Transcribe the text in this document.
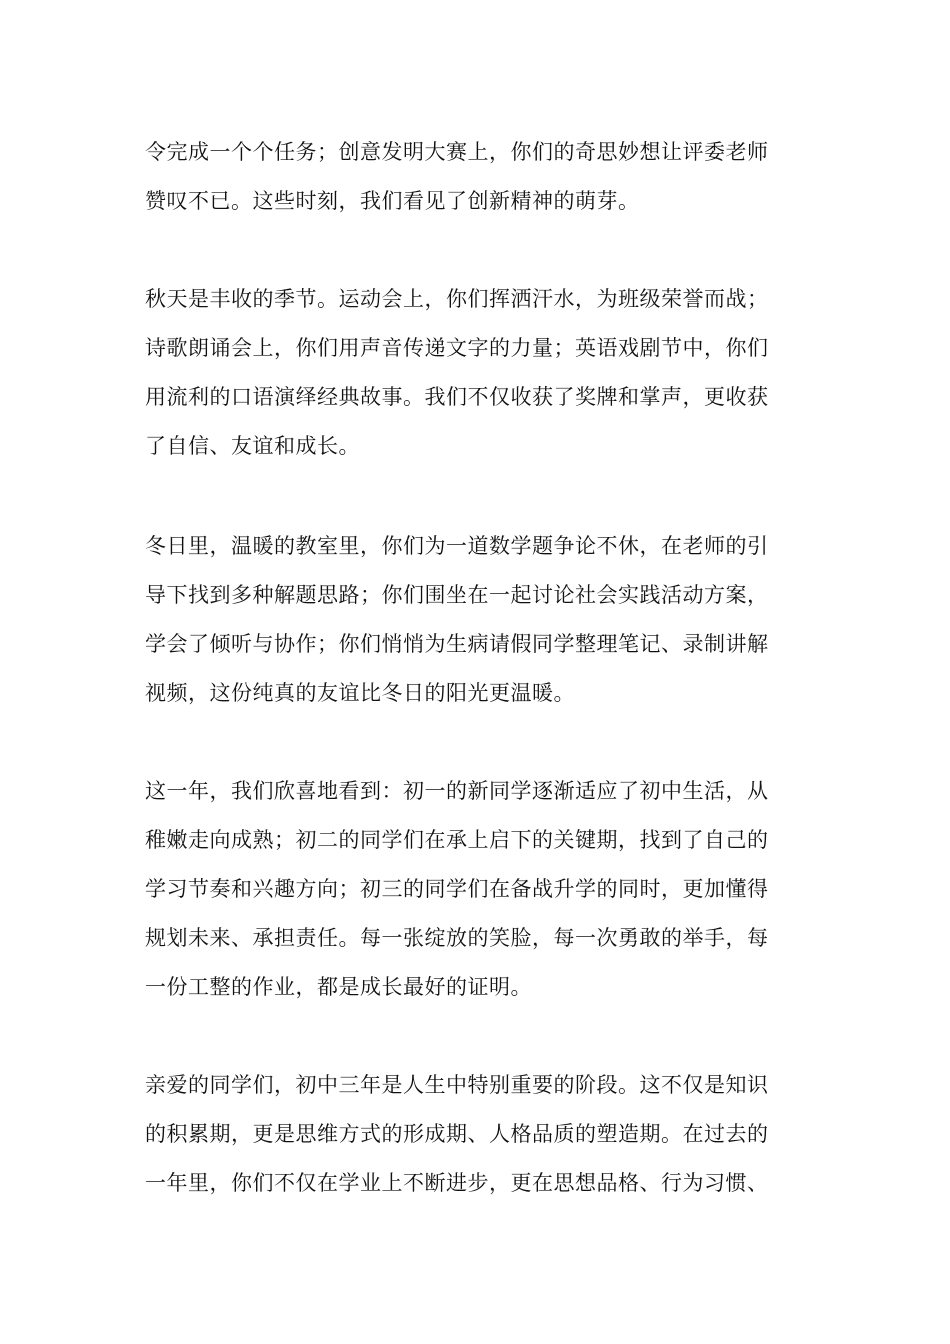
令完成一个个任务；创意发明大赛上，你们的奇思妙想让评委老师
赞叹不已。这些时刻，我们看见了创新精神的萌芽。

秋天是丰收的季节。运动会上，你们挥洒汗水，为班级荣誉而战；
诗歌朗诵会上，你们用声音传递文字的力量；英语戏剧节中，你们
用流利的口语演绎经典故事。我们不仅收获了奖牌和掌声，更收获
了自信、友谊和成长。

冬日里，温暖的教室里，你们为一道数学题争论不休，在老师的引
导下找到多种解题思路；你们围坐在一起讨论社会实践活动方案，
学会了倾听与协作；你们悄悄为生病请假同学整理笔记、录制讲解
视频，这份纯真的友谊比冬日的阳光更温暖。

这一年，我们欣喜地看到：初一的新同学逐渐适应了初中生活，从
稚嫩走向成熟；初二的同学们在承上启下的关键期，找到了自己的
学习节奏和兴趣方向；初三的同学们在备战升学的同时，更加懂得
规划未来、承担责任。每一张绽放的笑脸，每一次勇敢的举手，每
一份工整的作业，都是成长最好的证明。

亲爱的同学们，初中三年是人生中特别重要的阶段。这不仅是知识
的积累期，更是思维方式的形成期、人格品质的塑造期。在过去的
一年里，你们不仅在学业上不断进步，更在思想品格、行为习惯、
